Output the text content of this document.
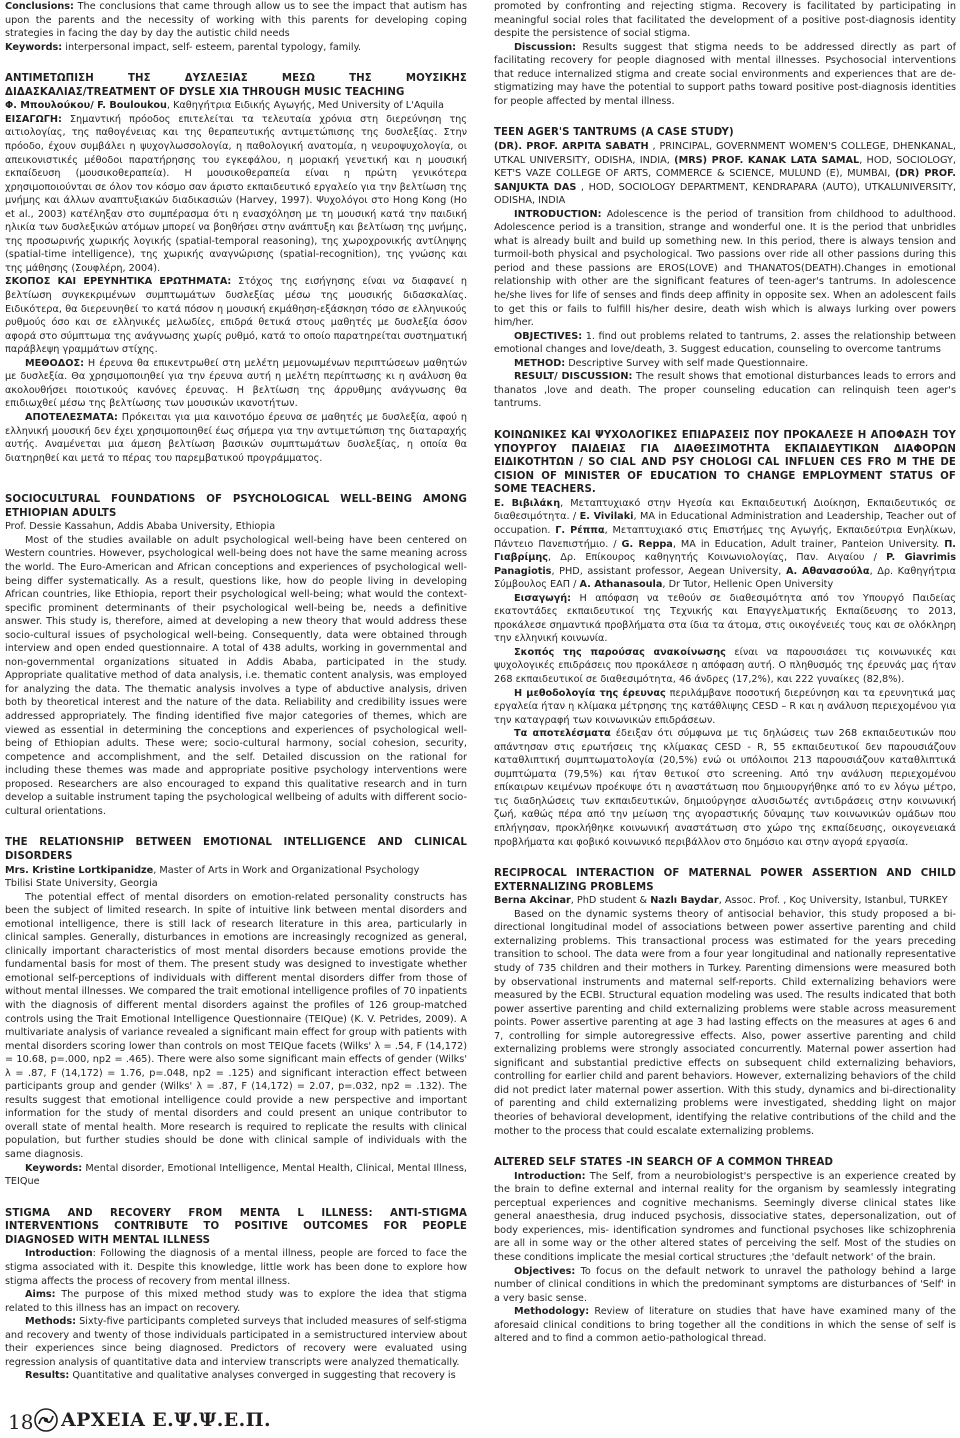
Conclusions: The conclusions that came through allow us to see the impact that autism has upon the parents and the necessity of working with this parents for developing coping strategies in facing the day by day the autistic child needs

Keywords: interpersonal impact, self- esteem, parental typology, family.

ΑΝΤΙΜΕΤΩΠΙΣΗ ΤΗΣ ΔΥΣΛΕΞΙΑΣ ΜΕΣΩ ΤΗΣ ΜΟΥΣΙΚΗΣ ΔΙΔΑΣΚΑΛΙΑΣ/TREATMENT OF DYSLE XIA THROUGH MUSIC TEACHING

Φ. Μπουλούκου/ F. Bouloukou, Καθηγήτρια Ειδικής Αγωγής, Med University of L'Aquila

ΕΙΣΑΓΩΓΗ: Σημαντική πρόοδος επιτελείται τα τελευταία χρόνια στη διερεύνηση της αιτιολογίας, της παθογένειας και της θεραπευτικής αντιμετώπισης της δυσλεξίας. Στην πρόοδο, έχουν συμβάλει η ψυχογλωσσολογία, η παθολογική ανατομία, η νευροψυχολογία, οι απεικονιστικές μέθοδοι παρατήρησης του εγκεφάλου, η μοριακή γενετική και η μουσική εκπαίδευση (μουσικοθεραπεία). Η μουσικοθεραπεία είναι η πρώτη γενικότερα χρησιμοποιούνται σε όλον τον κόσμο σαν άριστο εκπαιδευτικό εργαλείο για την βελτίωση της μνήμης και άλλων αναπτυξιακών διαδικασιών (Harvey, 1997). Ψυχολόγοι στο Hong Kong (Ho et al., 2003) κατέληξαν στο συμπέρασμα ότι η ενασχόληση με τη μουσική κατά την παιδική ηλικία των δυσλεξικών ατόμων μπορεί να βοηθήσει στην ανάπτυξη και βελτίωση της μνήμης, της προσωρινής χωρικής λογικής (spatial-temporal reasoning), της χωροχρονικής αντίληψης (spatial-time intelligence), της χωρικής αναγνώρισης (spatial-recognition), της γνώσης και της μάθησης (Σουφλέρη, 2004).

ΣΚΟΠΟΣ ΚΑΙ ΕΡΕΥΝΗΤΙΚΑ ΕΡΩΤΗΜΑΤΑ: Στόχος της εισήγησης είναι να διαφανεί η βελτίωση συγκεκριμένων συμπτωμάτων δυσλεξίας μέσω της μουσικής διδασκαλίας. Ειδικότερα, θα διερευνηθεί το κατά πόσον η μουσική εκμάθηση-εξάσκηση τόσο σε ελληνικούς ρυθμούς όσο και σε ελληνικές μελωδίες, επιδρά θετικά στους μαθητές με δυσλεξία όσον αφορά στο σύμπτωμα της ανάγνωσης χωρίς ρυθμό, κατά το οποίο παρατηρείται συστηματική παράβλεψη γραμμάτων στίχης.

ΜΕΘΟΔΟΣ: Η έρευνα θα επικεντρωθεί στη μελέτη μεμονωμένων περιπτώσεων μαθητών με δυσλεξία. Θα χρησιμοποιηθεί για την έρευνα αυτή η μελέτη περίπτωσης κι η ανάλυση θα ακολουθήσει ποιοτικούς κανόνες έρευνας. Η βελτίωση της άρρυθμης ανάγνωσης θα επιδιωχθεί μέσω της βελτίωσης των μουσικών ικανοτήτων.

ΑΠΟΤΕΛΕΣΜΑΤΑ: Πρόκειται για μια καινοτόμο έρευνα σε μαθητές με δυσλεξία, αφού η ελληνική μουσική δεν έχει χρησιμοποιηθεί έως σήμερα για την αντιμετώπιση της διαταραχής αυτής. Αναμένεται μια άμεση βελτίωση βασικών συμπτωμάτων δυσλεξίας, η οποία θα διατηρηθεί και μετά το πέρας του παρεμβατικού προγράμματος.

SOCIOCULTURAL FOUNDATIONS OF PSYCHOLOGICAL WELL-BEING AMONG ETHIOPIAN ADULTS

Prof. Dessie Kassahun, Addis Ababa University, Ethiopia

Most of the studies available on adult psychological well-being have been centered on Western countries. However, psychological well-being does not have the same meaning across the world. The Euro-American and African conceptions and experiences of psychological well-being differ systematically. As a result, questions like, how do people living in developing African countries, like Ethiopia, report their psychological well-being; what would the context-specific prominent determinants of their psychological well-being be, needs a definitive answer. This study is, therefore, aimed at developing a new theory that would address these socio-cultural issues of psychological well-being. Consequently, data were obtained through interview and open ended questionnaire. A total of 438 adults, working in governmental and non-governmental organizations situated in Addis Ababa, participated in the study. Appropriate qualitative method of data analysis, i.e. thematic content analysis, was employed for analyzing the data. The thematic analysis involves a type of abductive analysis, driven both by theoretical interest and the nature of the data. Reliability and credibility issues were addressed appropriately. The finding identified five major categories of themes, which are viewed as essential in determining the conceptions and experiences of psychological well-being of Ethiopian adults. These were; socio-cultural harmony, social cohesion, security, competence and accomplishment, and the self. Detailed discussion on the rational for including these themes was made and appropriate positive psychology interventions were proposed. Researchers are also encouraged to expand this qualitative research and in turn develop a suitable instrument taping the psychological wellbeing of adults with different socio-cultural orientations.

THE RELATIONSHIP BETWEEN EMOTIONAL INTELLIGENCE AND CLINICAL DISORDERS

Mrs. Kristine Lortkipanidze, Master of Arts in Work and Organizational Psychology

Tbilisi State University, Georgia

The potential effect of mental disorders on emotion-related personality constructs has been the subject of limited research. In spite of intuitive link between mental disorders and emotional intelligence, there is still lack of research literature in this area, particularly in clinical samples. Generally, disturbances in emotions are increasingly recognized as general, clinically important characteristics of most mental disorders because emotions provide the fundamental basis for most of them. The present study was designed to investigate whether emotional self-perceptions of individuals with different mental disorders differ from those of without mental illnesses. We compared the trait emotional intelligence profiles of 70 inpatients with the diagnosis of different mental disorders against the profiles of 126 group-matched controls using the Trait Emotional Intelligence Questionnaire (TEIQue) (K. V. Petrides, 2009). A multivariate analysis of variance revealed a significant main effect for group with patients with mental disorders scoring lower than controls on most TEIQue facets (Wilks' λ = .54, F (14,172) = 10.68, p=.000, np2 = .465). There were also some significant main effects of gender (Wilks' λ = .87, F (14,172) = 1.76, p=.048, np2 = .125) and significant interaction effect between participants group and gender (Wilks' λ = .87, F (14,172) = 2.07, p=.032, np2 = .132). The results suggest that emotional intelligence could provide a new perspective and important information for the study of mental disorders and could present an unique contributor to overall state of mental health. More research is required to replicate the results with clinical population, but further studies should be done with clinical sample of individuals with the same diagnosis.

Keywords: Mental disorder, Emotional Intelligence, Mental Health, Clinical, Mental Illness, TEIQue

STIGMA AND RECOVERY FROM MENTA L ILLNESS: ANTI-STIGMA INTERVENTIONS CONTRIBUTE TO POSITIVE OUTCOMES FOR PEOPLE DIAGNOSED WITH MENTAL ILLNESS

Introduction: Following the diagnosis of a mental illness, people are forced to face the stigma associated with it. Despite this knowledge, little work has been done to explore how stigma affects the process of recovery from mental illness.

Aims: The purpose of this mixed method study was to explore the idea that stigma related to this illness has an impact on recovery.

Methods: Sixty-five participants completed surveys that included measures of self-stigma and recovery and twenty of those individuals participated in a semistructured interview about their experiences since being diagnosed. Predictors of recovery were evaluated using regression analysis of quantitative data and interview transcripts were analyzed thematically.

Results: Quantitative and qualitative analyses converged in suggesting that recovery is

promoted by confronting and rejecting stigma. Recovery is facilitated by participating in meaningful social roles that facilitated the development of a positive post-diagnosis identity despite the persistence of social stigma.

Discussion: Results suggest that stigma needs to be addressed directly as part of facilitating recovery for people diagnosed with mental illnesses. Psychosocial interventions that reduce internalized stigma and create social environments and experiences that are de-stigmatizing may have the potential to support paths toward positive post-diagnosis identities for people affected by mental illness.

TEEN AGER'S TANTRUMS (A CASE STUDY)

(DR). PROF. ARPITA SABATH , PRINCIPAL, GOVERNMENT WOMEN'S COLLEGE, DHENKANAL, UTKAL UNIVERSITY, ODISHA, INDIA, (MRS) PROF. KANAK LATA SAMAL, HOD, SOCIOLOGY, KET'S VAZE COLLEGE OF ARTS, COMMERCE & SCIENCE, MULUND (E), MUMBAI, (DR) PROF. SANJUKTA DAS , HOD, SOCIOLOGY DEPARTMENT, KENDRAPARA (AUTO), UTKALUNIVERSITY, ODISHA, INDIA

INTRODUCTION: Adolescence is the period of transition from childhood to adulthood. Adolescence period is a transition, strange and wonderful one. It is the period that unbridles what is already built and build up something new. In this period, there is always tension and turmoil-both physical and psychological. Two passions over ride all other passions during this period and these passions are EROS(LOVE) and THANATOS(DEATH).Changes in emotional relationship with other are the significant features of teen-ager's tantrums. In adolescence he/she lives for life of senses and finds deep affinity in opposite sex. When an adolescent fails to get this or fails to fulfill his/her desire, death wish which is always lurking over powers him/her.

OBJECTIVES: 1. find out problems related to tantrums, 2. asses the relationship between emotional changes and love/death, 3. Suggest education, counseling to overcome tantrums

METHOD: Descriptive Survey with self made Questionnaire.

RESULT/ DISCUSSION: The result shows that emotional disturbances leads to errors and thanatos ,love and death. The proper counseling education can relinquish teen ager's tantrums.

ΚΟΙΝΩΝΙΚΕΣ ΚΑΙ ΨΥΧΟΛΟΓΙΚΕΣ ΕΠΙΔΡΑΣΕΙΣ ΠΟΥ ΠΡΟΚΑΛΕΣΕ Η ΑΠΟΦΑΣΗ ΤΟΥ ΥΠΟΥΡΓΟΥ ΠΑΙΔΕΙΑΣ ΓΙΑ ΔΙΑΘΕΣΙΜΟΤΗΤΑ ΕΚΠΑΙΔΕΥΤΙΚΩΝ ΔΙΑΦΟΡΩΝ ΕΙΔΙΚΟΤΗΤΩΝ / SO CIAL AND PSY CHOLOGI CAL INFLUEN CES FRO M THE DE CISION OF MINISTER OF EDUCATION TO CHANGE EMPLOYMENT STATUS OF SOME TEACHERS.

Ε. Βιβιλάκη, Μεταπτυχιακό στην Ηγεσία και Εκπαιδευτική Διοίκηση, Εκπαιδευτικός σε διαθεσιμότητα. / E. Vivilaki, MA in Educational Administration and Leadership, Teacher out of occupation. Γ. Ρέππα, Μεταπτυχιακό στις Επιστήμες της Αγωγής, Εκπαιδεύτρια Ενηλίκων, Πάντειο Πανεπιστήμιο. / G. Reppa, MA in Education, Adult trainer, Panteion University. Π. Γιαβρίμης, Δρ. Επίκουρος καθηγητής Κοινωνιολογίας, Παν. Αιγαίου / P. Giavrimis Panagiotis, PHD, assistant professor, Aegean University, Α. Αθανασούλα, Δρ. Καθηγήτρια Σύμβουλος ΕΑΠ / A. Athanasoula, Dr Tutor, Hellenic Open University

Εισαγωγή: Η απόφαση να τεθούν σε διαθεσιμότητα από τον Υπουργό Παιδείας εκατοντάδες εκπαιδευτικοί της Τεχνικής και Επαγγελματικής Εκπαίδευσης το 2013, προκάλεσε σημαντικά προβλήματα στα ίδια τα άτομα, στις οικογένειές τους και σε ολόκληρη την ελληνική κοινωνία.

Σκοπός της παρούσας ανακοίνωσης είναι να παρουσιάσει τις κοινωνικές και ψυχολογικές επιδράσεις που προκάλεσε η απόφαση αυτή. Ο πληθυσμός της έρευνάς μας ήταν 268 εκπαιδευτικοί σε διαθεσιμότητα, 46 άνδρες (17,2%), και 222 γυναίκες (82,8%).

Η μεθοδολογία της έρευνας περιλάμβανε ποσοτική διερεύνηση και τα ερευνητικά μας εργαλεία ήταν η κλίμακα μέτρησης της κατάθλιψης CESD – R και η ανάλυση περιεχομένου για την καταγραφή των κοινωνικών επιδράσεων.

Τα αποτελέσματα έδειξαν ότι σύμφωνα με τις δηλώσεις των 268 εκπαιδευτικών που απάντησαν στις ερωτήσεις της κλίμακας CESD - R, 55 εκπαιδευτικοί δεν παρουσιάζουν καταθλιπτική συμπτωματολογία (20,5%) ενώ οι υπόλοιποι 213 παρουσιάζουν καταθλιπτικά συμπτώματα (79,5%) και ήταν θετικοί στο screening. Από την ανάλυση περιεχομένου επίκαιρων κειμένων προέκυψε ότι η αναστάτωση που δημιουργήθηκε από το εν λόγω μέτρο, τις διαδηλώσεις των εκπαιδευτικών, δημιούργησε αλυσιδωτές αντιδράσεις στην κοινωνική ζωή, καθώς πέρα από την μείωση της αγοραστικής δύναμης των κοινωνικών ομάδων που επλήγησαν, προκλήθηκε κοινωνική αναστάτωση στο χώρο της εκπαίδευσης, οικογενειακά προβλήματα και φοβικό κοινωνικό περιβάλλον στο δημόσιο και στην αγορά εργασία.

RECIPROCAL INTERACTION OF MATERNAL POWER ASSERTION AND CHILD EXTERNALIZING PROBLEMS

Berna Akcinar, PhD student & Nazlı Baydar, Assoc. Prof. , Koç University, Istanbul, TURKEY

Based on the dynamic systems theory of antisocial behavior, this study proposed a bi-directional longitudinal model of associations between power assertive parenting and child externalizing problems. This transactional process was estimated for the years preceding transition to school. The data were from a four year longitudinal and nationally representative study of 735 children and their mothers in Turkey. Parenting dimensions were measured both by observational instruments and maternal self-reports. Child externalizing behaviors were measured by the ECBI. Structural equation modeling was used. The results indicated that both power assertive parenting and child externalizing problems were stable across measurement points. Power assertive parenting at age 3 had lasting effects on the measures at ages 6 and 7, controlling for simple autoregressive effects. Also, power assertive parenting and child externalizing problems were strongly associated concurrently. Maternal power assertion had significant and substantial predictive effects on subsequent child externalizing behaviors, controlling for earlier child and parent behaviors. However, externalizing behaviors of the child did not predict later maternal power assertion. With this study, dynamics and bi-directionality of parenting and child externalizing problems were investigated, shedding light on major theories of behavioral development, identifying the relative contributions of the child and the mother to the process that could escalate externalizing problems.

ALTERED SELF STATES -IN SEARCH OF A COMMON THREAD

Introduction: The Self, from a neurobiologist's perspective is an experience created by the brain to define external and internal reality for the organism by seamlessly integrating perceptual experiences and cognitive mechanisms. Seemingly diverse clinical states like general anaesthesia, drug induced psychosis, dissociative states, depersonalization, out of body experiences, mis- identification syndromes and functional psychoses like schizophrenia are all in some way or the other altered states of perceiving the self. Most of the studies on these conditions implicate the mesial cortical structures ;the 'default network' of the brain.

Objectives: To focus on the default network to unravel the pathology behind a large number of clinical conditions in which the predominant symptoms are disturbances of 'Self' in a very basic sense.

Methodology: Review of literature on studies that have have examined many of the aforesaid clinical conditions to bring together all the conditions in which the sense of self is altered and to find a common aetio-pathological thread.

18 ΑΡΧΕΙΑ Ε.Ψ.Ψ.Ε.Π.
